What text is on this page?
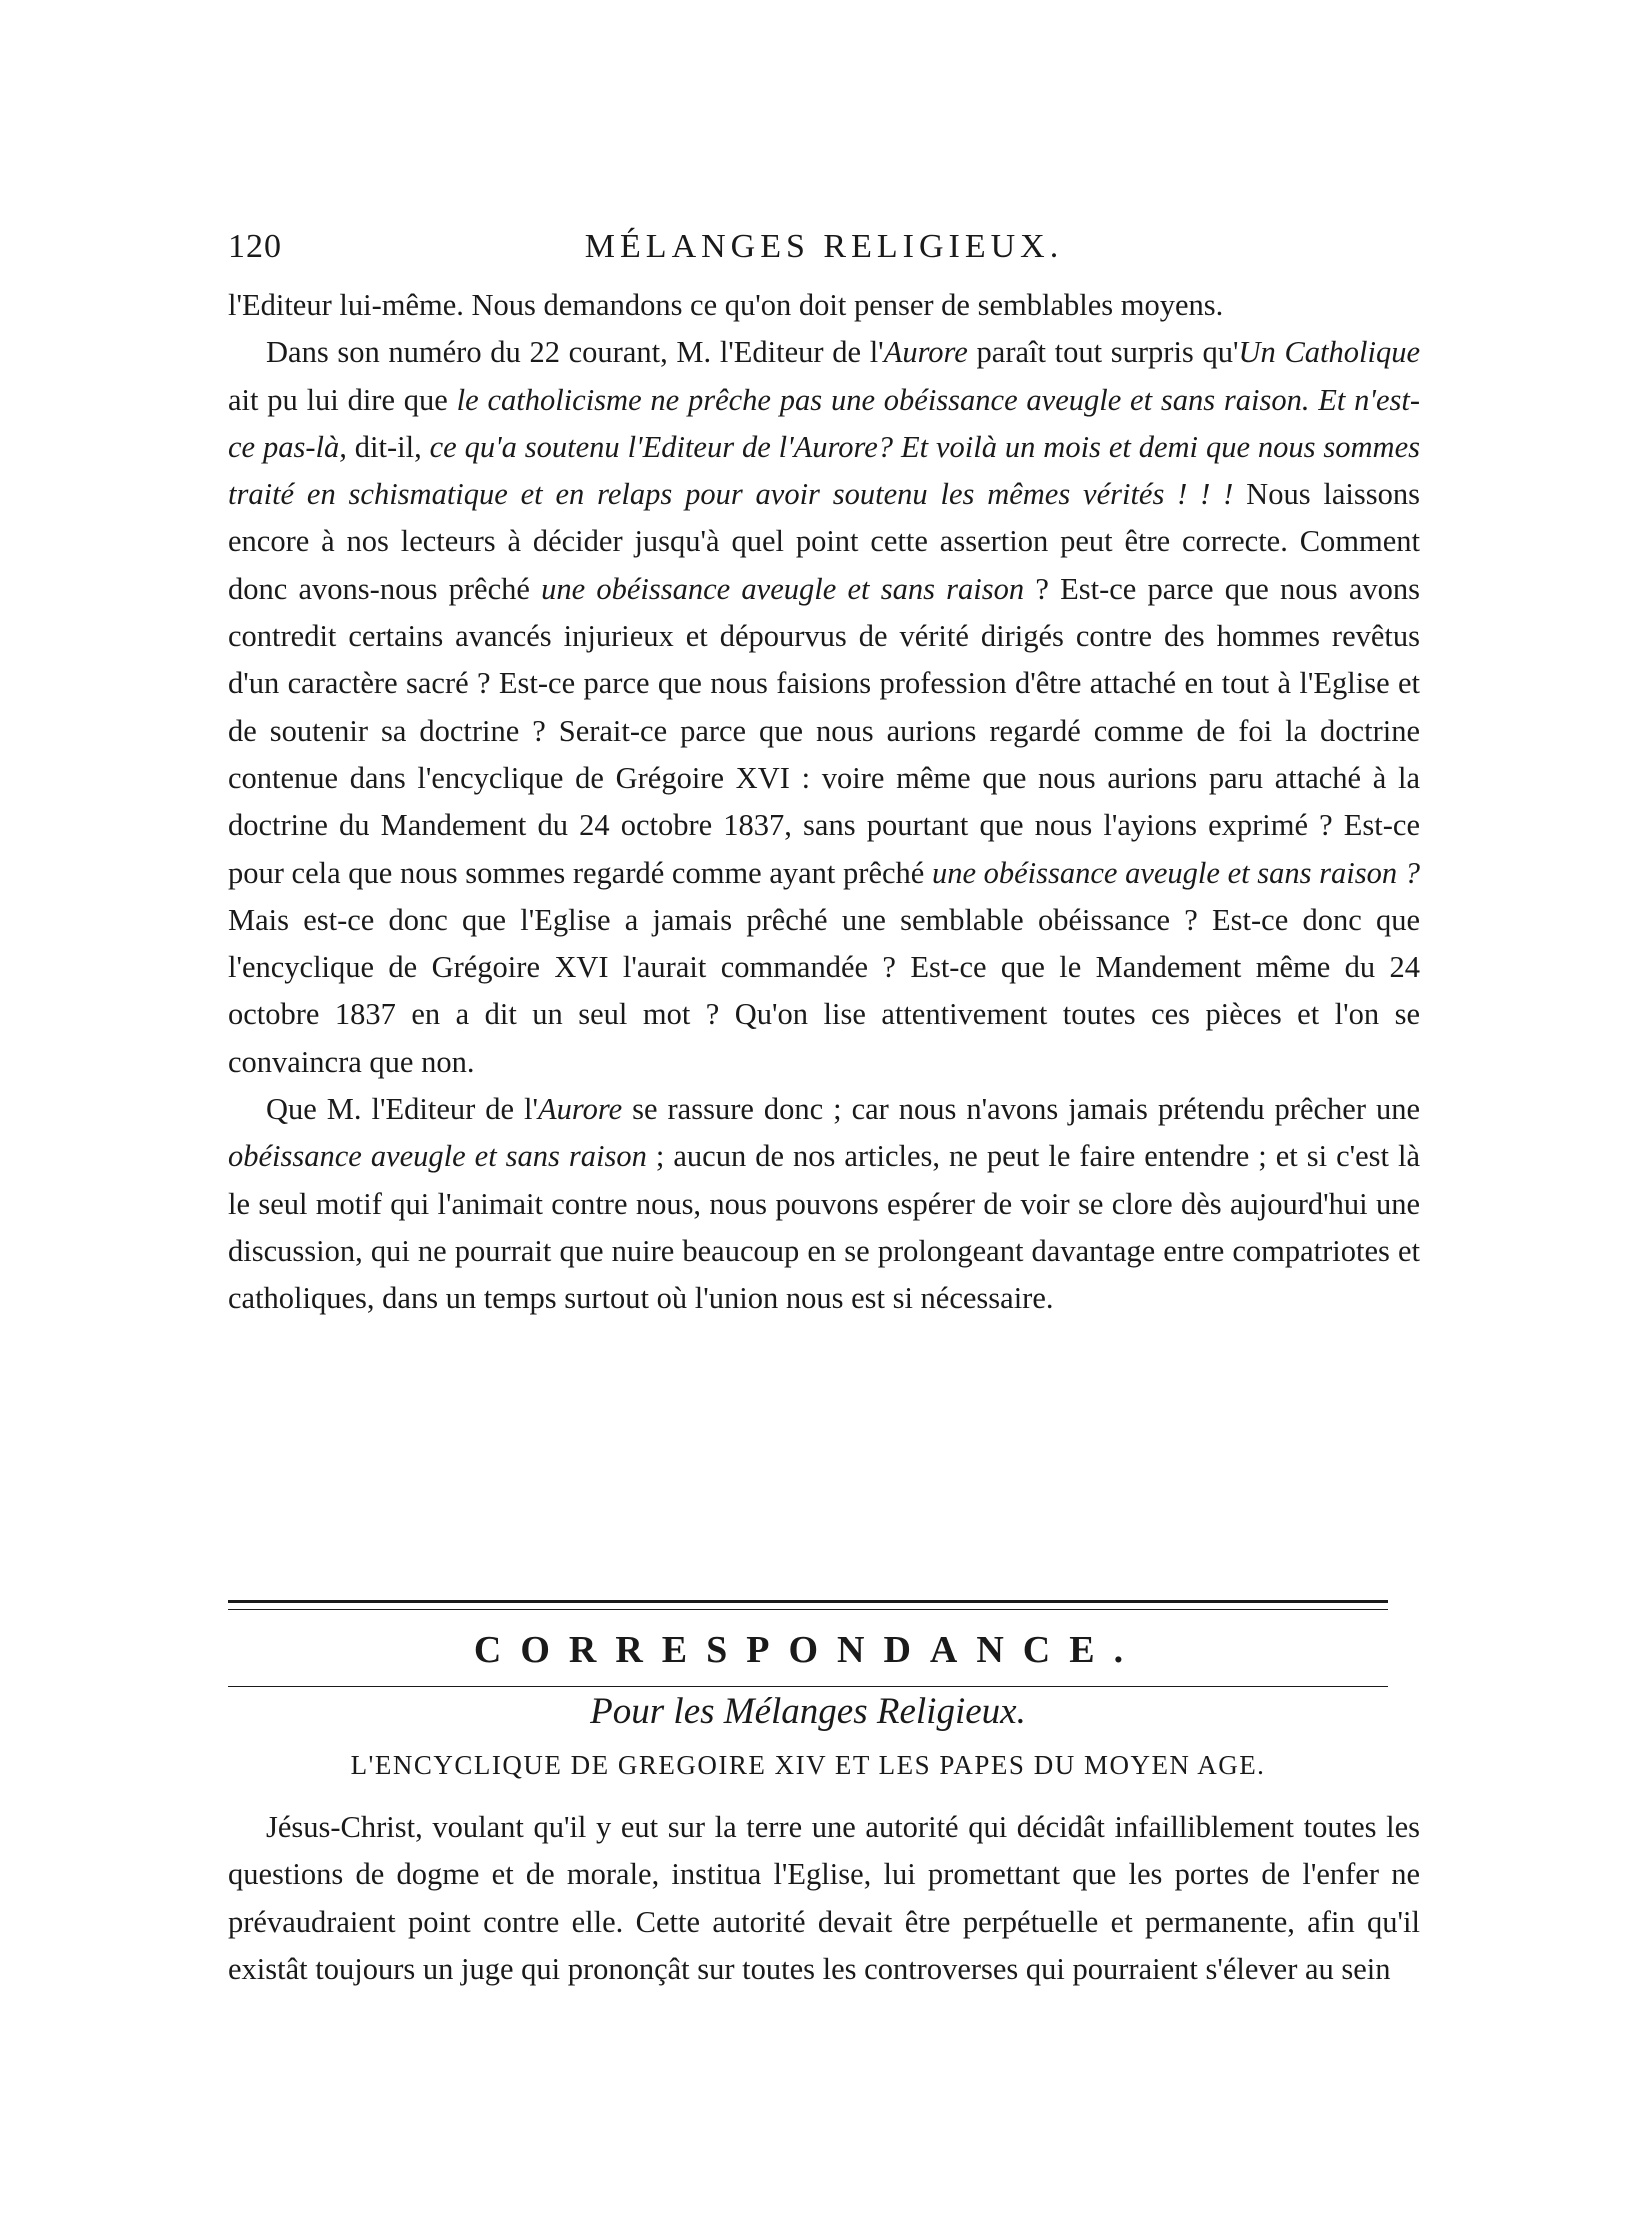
120	MÉLANGES RELIGIEUX.

l'Editeur lui-même. Nous demandons ce qu'on doit penser de semblables moyens.

Dans son numéro du 22 courant, M. l'Editeur de l'Aurore paraît tout surpris qu'Un Catholique ait pu lui dire que le catholicisme ne prêche pas une obéissance aveugle et sans raison. Et n'est-ce pas-là, dit-il, ce qu'a soutenu l'Editeur de l'Aurore? Et voilà un mois et demi que nous sommes traité en schismatique et en relaps pour avoir soutenu les mêmes vérités ! ! ! Nous laissons encore à nos lecteurs à décider jusqu'à quel point cette assertion peut être correcte. Comment donc avons-nous prêché une obéissance aveugle et sans raison ? Est-ce parce que nous avons contredit certains avancés injurieux et dépourvus de vérité dirigés contre des hommes revêtus d'un caractère sacré ? Est-ce parce que nous faisions profession d'être attaché en tout à l'Eglise et de soutenir sa doctrine ? Serait-ce parce que nous aurions regardé comme de foi la doctrine contenue dans l'encyclique de Grégoire XVI : voire même que nous aurions paru attaché à la doctrine du Mandement du 24 octobre 1837, sans pourtant que nous l'ayions exprimé ? Est-ce pour cela que nous sommes regardé comme ayant prêché une obéissance aveugle et sans raison ? Mais est-ce donc que l'Eglise a jamais prêché une semblable obéissance ? Est-ce donc que l'encyclique de Grégoire XVI l'aurait commandée ? Est-ce que le Mandement même du 24 octobre 1837 en a dit un seul mot ? Qu'on lise attentivement toutes ces pièces et l'on se convaincra que non.

Que M. l'Editeur de l'Aurore se rassure donc ; car nous n'avons jamais prétendu prêcher une obéissance aveugle et sans raison ; aucun de nos articles, ne peut le faire entendre ; et si c'est là le seul motif qui l'animait contre nous, nous pouvons espérer de voir se clore dès aujourd'hui une discussion, qui ne pourrait que nuire beaucoup en se prolongeant davantage entre compatriotes et catholiques, dans un temps surtout où l'union nous est si nécessaire.

CORRESPONDANCE.
Pour les Mélanges Religieux.
L'ENCYCLIQUE DE GREGOIRE XIV ET LES PAPES DU MOYEN AGE.

Jésus-Christ, voulant qu'il y eut sur la terre une autorité qui décidât infailliblement toutes les questions de dogme et de morale, institua l'Eglise, lui promettant que les portes de l'enfer ne prévaudraient point contre elle. Cette autorité devait être perpétuelle et permanente, afin qu'il existât toujours un juge qui prononçât sur toutes les controverses qui pourraient s'élever au sein
